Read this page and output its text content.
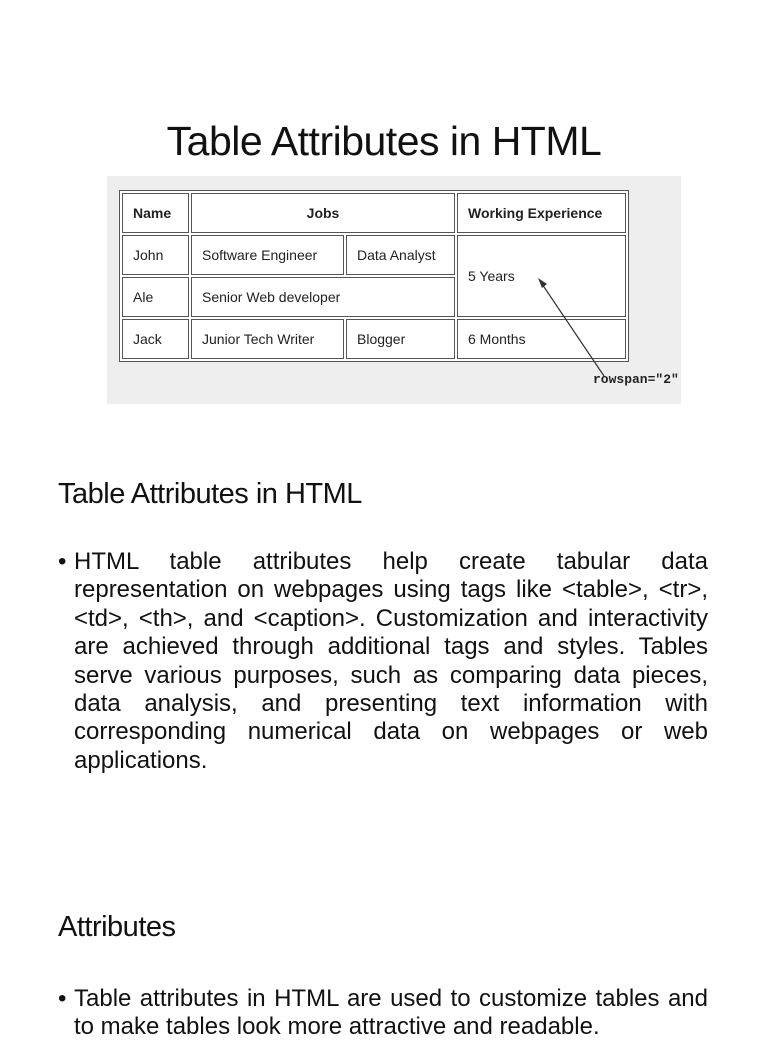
Table Attributes in HTML
Name	Jobs		Working Experience
John	Software Engineer	Data Analyst	5 Years
Ale	Senior Web developer		
Jack	Junior Tech Writer	Blogger	6 Months
rowspan="2"
Table Attributes in HTML
• HTML table attributes help create tabular data representation on webpages using tags like <table>, <tr>, <td>, <th>, and <caption>. Customization and interactivity are achieved through additional tags and styles. Tables serve various purposes, such as comparing data pieces, data analysis, and presenting text information with corresponding numerical data on webpages or web applications.
Attributes
• Table attributes in HTML are used to customize tables and to make tables look more attractive and readable.
